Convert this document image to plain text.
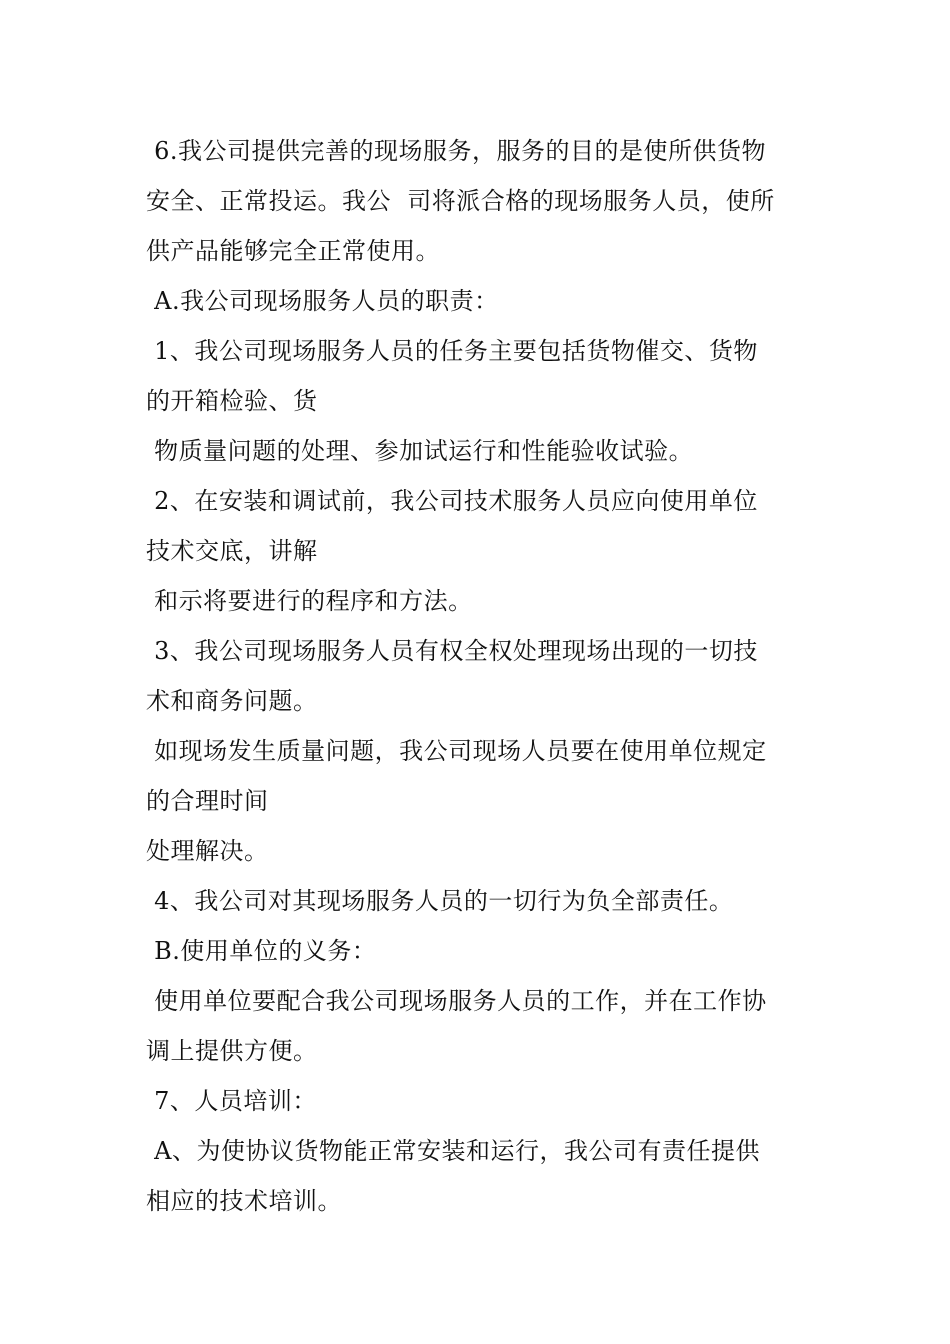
6.我公司提供完善的现场服务，服务的目的是使所供货物
安全、正常投运。我公  司将派合格的现场服务人员，使所
供产品能够完全正常使用。
A.我公司现场服务人员的职责：
1、我公司现场服务人员的任务主要包括货物催交、货物
的开箱检验、货
物质量问题的处理、参加试运行和性能验收试验。
2、在安装和调试前，我公司技术服务人员应向使用单位
技术交底，讲解
和示将要进行的程序和方法。
3、我公司现场服务人员有权全权处理现场出现的一切技
术和商务问题。
如现场发生质量问题，我公司现场人员要在使用单位规定
的合理时间
处理解决。
4、我公司对其现场服务人员的一切行为负全部责任。
B.使用单位的义务：
使用单位要配合我公司现场服务人员的工作，并在工作协
调上提供方便。
7、人员培训：
A、为使协议货物能正常安装和运行，我公司有责任提供
相应的技术培训。
